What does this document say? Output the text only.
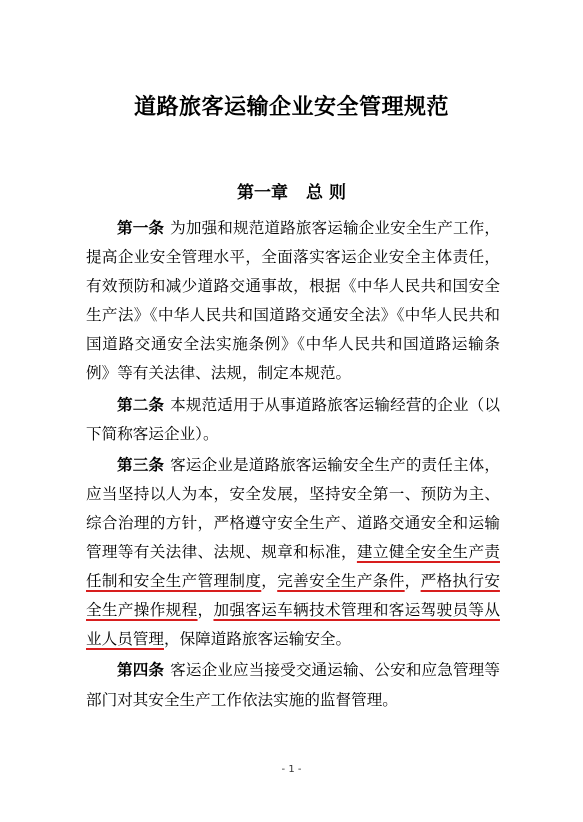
道路旅客运输企业安全管理规范
第一章 总 则

第一条 为加强和规范道路旅客运输企业安全生产工作，提高企业安全管理水平，全面落实客运企业安全主体责任，有效预防和减少道路交通事故，根据《中华人民共和国安全生产法》《中华人民共和国道路交通安全法》《中华人民共和国道路交通安全法实施条例》《中华人民共和国道路运输条例》等有关法律、法规，制定本规范。

第二条 本规范适用于从事道路旅客运输经营的企业（以下简称客运企业）。

第三条 客运企业是道路旅客运输安全生产的责任主体，应当坚持以人为本，安全发展，坚持安全第一、预防为主、综合治理的方针，严格遵守安全生产、道路交通安全和运输管理等有关法律、法规、规章和标准，建立健全安全生产责任制和安全生产管理制度，完善安全生产条件，严格执行安全生产操作规程，加强客运车辆技术管理和客运驾驶员等从业人员管理，保障道路旅客运输安全。

第四条 客运企业应当接受交通运输、公安和应急管理等部门对其安全生产工作依法实施的监督管理。

- 1 -
